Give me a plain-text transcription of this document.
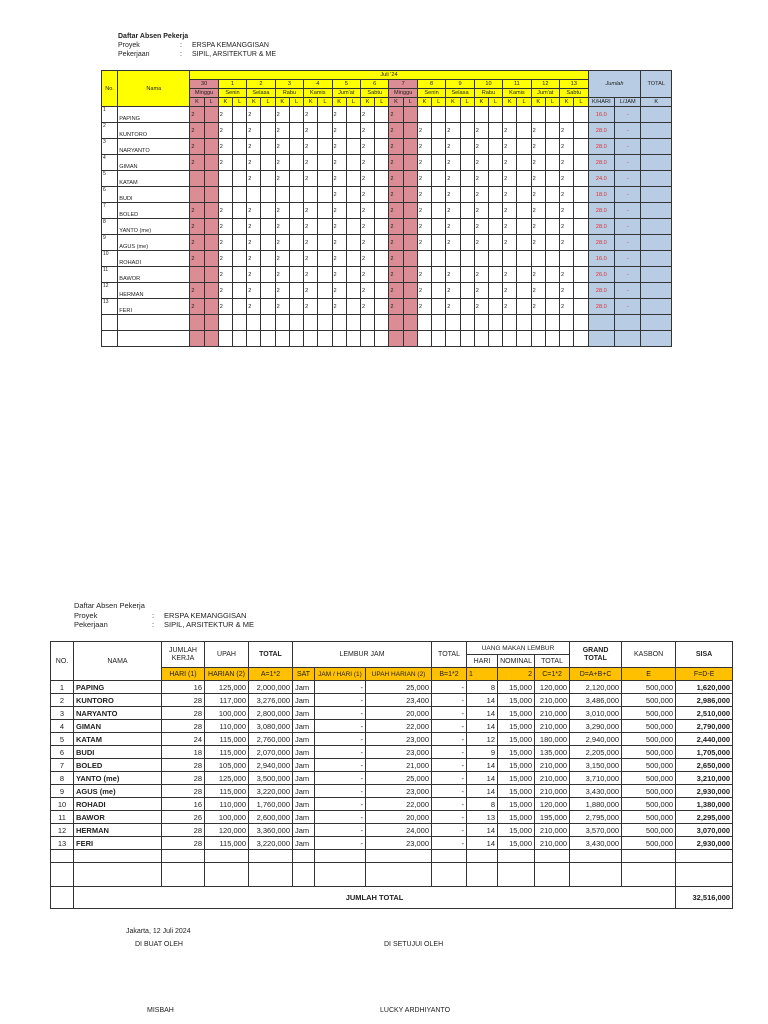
Daftar Absen Pekerja
Proyek	:	ERSPA KEMANGGISAN
Pekerjaan	:	SIPIL, ARSITEKTUR & ME
No.	Nama	Juli '24																												Jumlah		TOTAL
		30		1		2		3		4		5		6		7		8		9		10		11		12		13				
		Minggu		Senin		Selasa		Rabu		Kamis		Jum'at		Sabtu		Minggu		Senin		Selasa		Rabu		Kamis		Jum'at		Sabtu				
		K	L	K	L	K	L	K	L	K	L	K	L	K	L	K	L	K	L	K	L	K	L	K	L	K	L	K	L	K/HARI	L/JAM	K
1	PAPING	2		2		2		2		2		2		2		2														16.0	-	
2	KUNTORO	2		2		2		2		2		2		2		2		2		2		2		2		2		2		28.0	-	
3	NARYANTO	2		2		2		2		2		2		2		2		2		2		2		2		2		2		28.0	-	
4	GIMAN	2		2		2		2		2		2		2		2		2		2		2		2		2		2		28.0	-	
5	KATAM					2		2		2		2		2		2		2		2		2		2		2		2		24.0	-	
6	BUDI											2		2		2		2		2		2		2		2		2		18.0	-	
7	BOLED	2		2		2		2		2		2		2		2		2		2		2		2		2		2		28.0	-	
8	YANTO (me)	2		2		2		2		2		2		2		2		2		2		2		2		2		2		28.0	-	
9	AGUS (me)	2		2		2		2		2		2		2		2		2		2		2		2		2		2		28.0	-	
10	ROHADI	2		2		2		2		2		2		2		2														16.0	-	
11	BAWOR			2		2		2		2		2		2		2		2		2		2		2		2		2		26.0	-	
12	HERMAN	2		2		2		2		2		2		2		2		2		2		2		2		2		2		28.0	-	
13	FERI	2		2		2		2		2		2		2		2		2		2		2		2		2		2		28.0	-	

Daftar Absen Pekerja
Proyek	:	ERSPA KEMANGGISAN
Pekerjaan	:	SIPIL, ARSITEKTUR & ME
NO.	NAMA	JUMLAH KERJA	UPAH	TOTAL	LEMBUR JAM			TOTAL	UANG MAKAN LEMBUR			GRAND TOTAL	KASBON	SISA
									HARI	NOMINAL	TOTAL			
		HARI (1)	HARIAN (2)	A=1*2	SAT	JAM / HARI (1)	UPAH HARIAN (2)	B=1*2	1	2	C=1*2	D=A+B+C	E	F=D-E
1	PAPING	16	125,000	2,000,000	Jam	-	25,000	-	8	15,000	120,000	2,120,000	500,000	1,620,000
2	KUNTORO	28	117,000	3,276,000	Jam	-	23,400	-	14	15,000	210,000	3,486,000	500,000	2,986,000
3	NARYANTO	28	100,000	2,800,000	Jam	-	20,000	-	14	15,000	210,000	3,010,000	500,000	2,510,000
4	GIMAN	28	110,000	3,080,000	Jam	-	22,000	-	14	15,000	210,000	3,290,000	500,000	2,790,000
5	KATAM	24	115,000	2,760,000	Jam	-	23,000	-	12	15,000	180,000	2,940,000	500,000	2,440,000
6	BUDI	18	115,000	2,070,000	Jam	-	23,000	-	9	15,000	135,000	2,205,000	500,000	1,705,000
7	BOLED	28	105,000	2,940,000	Jam	-	21,000	-	14	15,000	210,000	3,150,000	500,000	2,650,000
8	YANTO (me)	28	125,000	3,500,000	Jam	-	25,000	-	14	15,000	210,000	3,710,000	500,000	3,210,000
9	AGUS (me)	28	115,000	3,220,000	Jam	-	23,000	-	14	15,000	210,000	3,430,000	500,000	2,930,000
10	ROHADI	16	110,000	1,760,000	Jam	-	22,000	-	8	15,000	120,000	1,880,000	500,000	1,380,000
11	BAWOR	26	100,000	2,600,000	Jam	-	20,000	-	13	15,000	195,000	2,795,000	500,000	2,295,000
12	HERMAN	28	120,000	3,360,000	Jam	-	24,000	-	14	15,000	210,000	3,570,000	500,000	3,070,000
13	FERI	28	115,000	3,220,000	Jam	-	23,000	-	14	15,000	210,000	3,430,000	500,000	2,930,000

	JUMLAH TOTAL													32,516,000
Jakarta, 12 Juli 2024
DI BUAT OLEH	DI SETUJUI OLEH
MISBAH	LUCKY ARDHIYANTO
